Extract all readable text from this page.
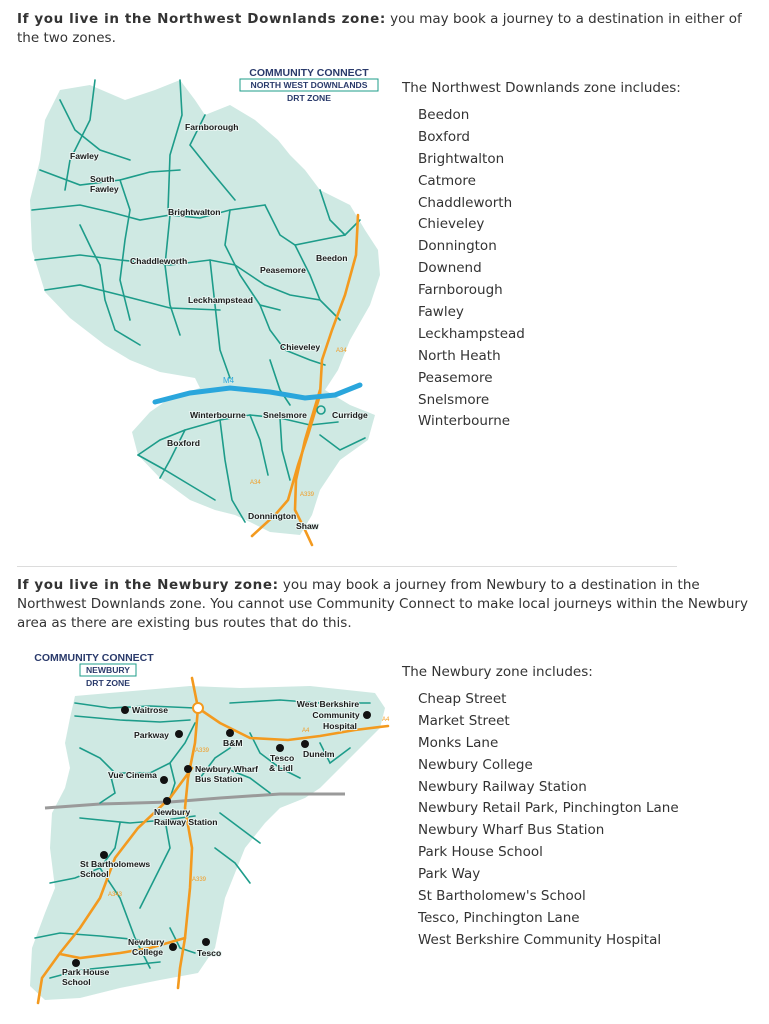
If you live in the Northwest Downlands zone: you may book a journey to a destination in either of the two zones.
COMMUNITY CONNECT
NORTH WEST DOWNLANDS
DRT ZONE
Farnborough
Fawley
South
Fawley
Brightwalton
Chaddleworth	Beedon
Peasemore
Leckhampstead
Chieveley
M4
Winterbourne Snelsmore	Curridge
Boxford
Donnington
Shaw
A34
A34
A339
The Northwest Downlands zone includes:
Beedon
Boxford
Brightwalton
Catmore
Chaddleworth
Chieveley
Donnington
Downend
Farnborough
Fawley
Leckhampstead
North Heath
Peasemore
Snelsmore
Winterbourne
If you live in the Newbury zone: you may book a journey from Newbury to a destination in the Northwest Downlands zone. You cannot use Community Connect to make local journeys within the Newbury area as there are existing bus routes that do this.
COMMUNITY CONNECT
NEWBURY
DRT ZONE
Waitrose
West Berkshire
Community
Hospital
Parkway
B&M
Tesco
& Lidl
Dunelm
Newbury Wharf
Bus Station
Vue Cinema
Newbury
Railway Station
St Bartholomews
School
Newbury
College	Tesco
Park House
School
A4
A339
A339
A343
A4
The Newbury zone includes:
Cheap Street
Market Street
Monks Lane
Newbury College
Newbury Railway Station
Newbury Retail Park, Pinchington Lane
Newbury Wharf Bus Station
Park House School
Park Way
St Bartholomew's School
Tesco, Pinchington Lane
West Berkshire Community Hospital
